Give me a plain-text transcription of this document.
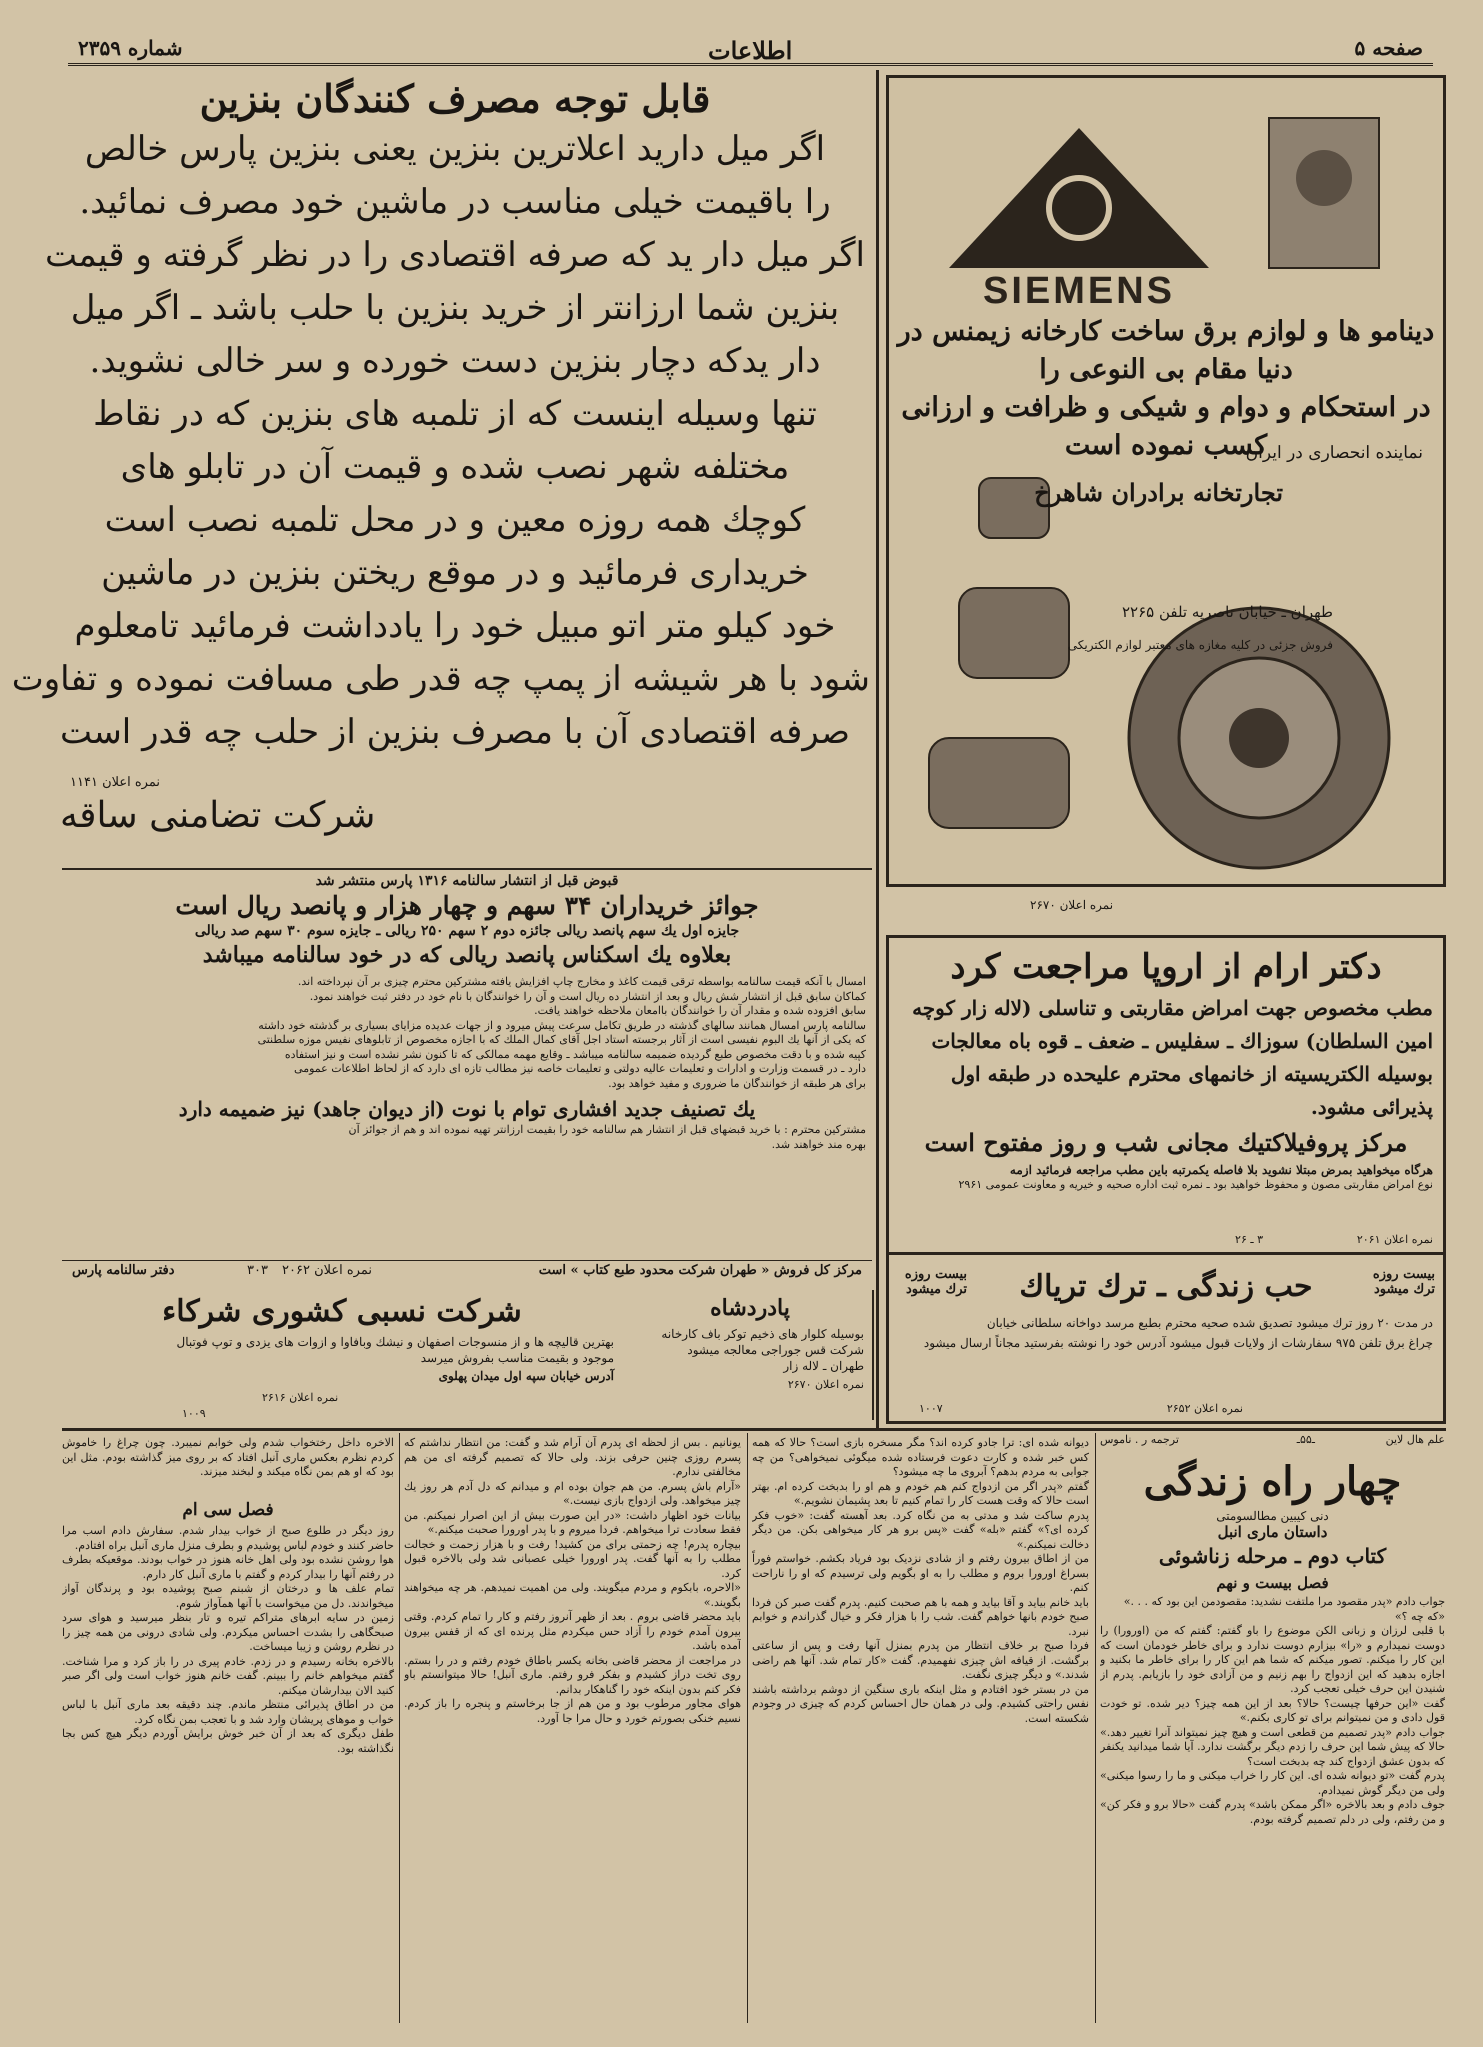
شماره ۲۳۵۹	اطلاعات	صفحه ۵
قابل توجه مصرف کنندگان بنزین
اگر میل دارید اعلاترین بنزین یعنی بنزین پارس خالص
را باقیمت خیلی مناسب در ماشین خود مصرف نمائید.
اگر میل دار ید که صرفه اقتصادی را در نظر گرفته و قیمت
بنزین شما ارزانتر از خرید بنزین با حلب باشد ـ اگر میل
دار یدکه دچار بنزین دست خورده و سر خالی نشوید.
تنها وسیله اینست که از تلمبه های بنزین که در نقاط
مختلفه شهر نصب شده و قیمت آن در تابلو های
کوچك همه روزه معین و در محل تلمبه نصب است
خریداری فرمائید و در موقع ریختن بنزین در ماشین
خود کیلو متر اتو مبیل خود را یادداشت فرمائید تامعلوم
شود با هر شیشه از پمپ چه قدر طی مسافت نموده و تفاوت
صرفه اقتصادی آن با مصرف بنزین از حلب چه قدر است
شرکت تضامنی ساقه
نمره اعلان ۱۱۴۱
SIEMENS
دینامو ها و لوازم برق ساخت کارخانه زیمنس در دنیا مقام بی النوعی را
در استحکام و دوام و شیکی و ظرافت و ارزانی کسب نموده است
نماینده انحصاری در ایران
تجارتخانه برادران شاهرخ
طهران ـ خیابان ناصریه تلفن ۲۲۶۵
فروش جزئی در کلیه مغازه های معتبر لوازم الکتریکی
نمره اعلان ۲۶۷۰
قبوض قبل از انتشار سالنامه ۱۳۱۶ پارس منتشر شد
جوائز خریداران ۳۴ سهم و چهار هزار و پانصد ریال است
جایزه اول یك سهم پانصد ریالی جائزه دوم ۲ سهم ۲۵۰ ریالی ـ جایزه سوم ۳۰ سهم صد ریالی
بعلاوه یك اسکناس پانصد ریالی که در خود سالنامه میباشد
امسال با آنکه قیمت سالنامه بواسطه ترقی قیمت کاغذ و مخارج چاپ افزایش یافته مشترکین محترم چیزی بر آن نپرداخته اند.
کماکان سابق قبل از انتشار شش ریال و بعد از انتشار ده ریال است و آن را خوانندگان با نام خود در دفتر ثبت خواهند نمود.
سابق افزوده شده و مقدار آن را خوانندگان باامعان ملاحظه خواهند یافت.
سالنامه پارس امسال همانند سالهای گذشته در طریق تکامل سرعت پیش میرود و از جهات عدیده مزایای بسیاری بر گذشته خود داشته
که یکی از آنها یك البوم نفیسی است از آثار برجسته استاد اجل آقای کمال الملك که با اجازه مخصوص از تابلوهای نفیس موزه سلطنتی
کپیه شده و با دقت مخصوص طبع گردیده ضمیمه سالنامه میباشد ـ وقایع مهمه ممالکی که تا کنون نشر نشده است و نیز استفاده
دارد ـ در قسمت وزارت و ادارات و تعلیمات عالیه دولتی و تعلیمات خاصه نیز مطالب تازه ای دارد که از لحاظ اطلاعات عمومی
برای هر طبقه از خوانندگان ما ضروری و مفید خواهد بود.
یك تصنیف جدید افشاری توام با نوت (از دیوان جاهد) نیز ضمیمه دارد
مشترکین محترم : با خرید قبضهای قبل از انتشار هم سالنامه خود را بقیمت ارزانتر تهیه نموده اند و هم از جوائز آن
بهره مند خواهند شد.
مرکز کل فروش « طهران شرکت محدود طبع کتاب » است
نمره اعلان ۲۰۶۲
۳۰۳
دفتر سالنامه پارس
دکتر ارام از اروپا مراجعت کرد
مطب مخصوص جهت امراض مقاربتی و تناسلی (لاله زار کوچه
امین السلطان) سوزاك ـ سفلیس ـ ضعف ـ قوه باه معالجات
بوسیله الکتریسیته از خانمهای محترم علیحده در طبقه اول پذیرائی مشود.
مرکز پروفیلاکتیك مجانی شب و روز مفتوح است
هرگاه میخواهید بمرض مبتلا نشوید بلا فاصله یکمرتبه باین مطب مراجعه فرمائید ازمه
نوع امراض مقاربتی مصون و محفوظ خواهید بود ـ نمره ثبت اداره صحیه و خیریه و معاونت عمومی ۲۹۶۱
نمره اعلان ۲۰۶۱
۳ ـ ۲۶
حب زندگی ـ ترك تریاك	بیست روزه ترك میشود
بیست روزه ترك میشود
در مدت ۲۰ روز ترك میشود تصدیق شده صحیه محترم بطبع مرسد دواخانه سلطانی خیابان
چراغ برق تلفن ۹۷۵ سفارشات از ولایات قبول میشود آدرس خود را نوشته بفرستید مجاناً ارسال میشود
نمره اعلان ۲۶۵۲
۱۰۰۷
پادردشاه
بوسیله کلوار های ذخیم توکر باف کارخانه
شرکت قس جوراجی معالجه میشود
طهران ـ لاله زار
نمره اعلان ۲۶۷۰
شرکت نسبی کشوری شرکاء
بهترین قالیچه ها و از منسوجات اصفهان و نیشك وبافاوا و ازوات های یزدی و توپ فوتبال
موجود و بقیمت مناسب بفروش میرسد
آدرس خیابان سپه اول میدان پهلوی
نمره اعلان ۲۶۱۶
۱۰۰۹
علم هال لاین
ـ۵۵ـ
ترجمه ر . ناموس
چهار راه زندگی
دنی کیبین مطالسومتی
داستان ماری انبل
کتاب دوم ـ مرحله زناشوئی
فصل بیست و نهم

جواب دادم «پدر مقصود مرا ملتفت نشدید: مقصودمن این بود که . . .»

«که چه ؟»

با قلبی لرزان و زبانی الکن موضوع را باو گفتم: گفتم که من (اورورا) را دوست نمیدارم و «را» بیزارم دوست ندارد و برای خاطر خودمان است که این کار را میکنم. تصور میکنم که شما هم این کار را برای خاطر ما بکنید و اجازه بدهید که این ازدواج را بهم زنیم و من آزادی خود را بازیابم. پدرم از شنیدن این حرف خیلی تعجب کرد.

گفت «این حرفها چیست؟ حالا؟ بعد از این همه چیز؟ دیر شده. تو خودت قول دادی و من نمیتوانم برای تو کاری بکنم.»

جواب دادم «پدر تصمیم من قطعی است و هیچ چیز نمیتواند آنرا تغییر دهد.» حالا که پیش شما این حرف را زدم دیگر برگشت ندارد. آیا شما میدانید یکنفر که بدون عشق ازدواج کند چه بدبخت است؟

پدرم گفت «تو دیوانه شده ای. این کار را خراب میکنی و ما را رسوا میکنی» ولی من دیگر گوش نمیدادم.

جوف دادم و بعد بالاخره «اگر ممکن باشد» پدرم گفت «حالا برو و فکر کن» و من رفتم، ولی در دلم تصمیم گرفته بودم.

دیوانه شده ای: ترا جادو کرده اند؟ مگر مسخره بازی است؟ حالا که همه کس خبر شده و کارت دعوت فرستاده شده میگوئی نمیخواهی؟ من چه جوابی به مردم بدهم؟ آبروی ما چه میشود؟

گفتم «پدر اگر من ازدواج کنم هم خودم و هم او را بدبخت کرده ام. بهتر است حالا که وقت هست کار را تمام کنیم تا بعد پشیمان نشویم.»

پدرم ساکت شد و مدتی به من نگاه کرد. بعد آهسته گفت: «خوب فکر کرده ای؟» گفتم «بله» گفت «پس برو هر کار میخواهی بکن. من دیگر دخالت نمیکنم.»

من از اطاق بیرون رفتم و از شادی نزدیک بود فریاد بکشم. خواستم فوراً بسراغ اورورا بروم و مطلب را به او بگویم ولی ترسیدم که او را ناراحت کنم.

باید خانم بیاید و آقا بیاید و همه با هم صحبت کنیم. پدرم گفت صبر کن فردا صبح خودم بانها خواهم گفت. شب را با هزار فکر و خیال گذراندم و خوابم نبرد.

فردا صبح بر خلاف انتظار من پدرم بمنزل آنها رفت و پس از ساعتی برگشت. از قیافه اش چیزی نفهمیدم. گفت «کار تمام شد. آنها هم راضی شدند.» و دیگر چیزی نگفت.

من در بستر خود افتادم و مثل اینکه باری سنگین از دوشم برداشته باشند نفس راحتی کشیدم. ولی در همان حال احساس کردم که چیزی در وجودم شکسته است.

یونانیم . بس از لحظه ای پدرم آن آرام شد و گفت: من انتظار نداشتم که پسرم روزی چنین حرفی بزند. ولی حالا که تصمیم گرفته ای من هم مخالفتی ندارم.

«آرام باش پسرم. من هم جوان بوده ام و میدانم که دل آدم هر روز یك چیز میخواهد. ولی ازدواج بازی نیست.»

بیانات خود اظهار داشت: «در این صورت بیش از این اصرار نمیکنم. من فقط سعادت ترا میخواهم. فردا میروم و با پدر اورورا صحبت میکنم.»

بیچاره پدرم! چه زحمتی برای من کشید! رفت و با هزار زحمت و خجالت مطلب را به آنها گفت. پدر اورورا خیلی عصبانی شد ولی بالاخره قبول کرد.

«الاحره، بابکوم و مردم میگویند. ولی من اهمیت نمیدهم. هر چه میخواهند بگویند.»

باید محضر قاضی بروم . بعد از ظهر آنروز رفتم و کار را تمام کردم. وقتی بیرون آمدم خودم را آزاد حس میکردم مثل پرنده ای که از قفس بیرون آمده باشد.

در مراجعت از محضر قاضی بخانه یکسر باطاق خودم رفتم و در را بستم. روی تخت دراز کشیدم و بفکر فرو رفتم. ماری آنبل! حالا میتوانستم باو فکر کنم بدون اینکه خود را گناهکار بدانم.

هوای مجاور مرطوب بود و من هم از جا برخاستم و پنجره را باز کردم. نسیم خنکی بصورتم خورد و حال مرا جا آورد.

الاخره داخل رختخواب شدم ولی خوابم نمیبرد. چون چراغ را خاموش کردم نظرم بعکس ماری آنبل افتاد که بر روی میز گذاشته بودم. مثل این بود که او هم بمن نگاه میکند و لبخند میزند.

فصل سی ام

روز دیگر در طلوع صبح از خواب بیدار شدم. سفارش دادم اسب مرا حاضر کنند و خودم لباس پوشیدم و بطرف منزل ماری آنبل براه افتادم.

هوا روشن نشده بود ولی اهل خانه هنوز در خواب بودند. موقعیکه بطرف در رفتم آنها را بیدار کردم و گفتم با ماری آنبل کار دارم.

تمام علف ها و درختان از شبنم صبح پوشیده بود و پرندگان آواز میخواندند. دل من میخواست با آنها همآواز شوم.

زمین در سایه ابرهای متراکم تیره و تار بنظر میرسید و هوای سرد صبحگاهی را بشدت احساس میکردم. ولی شادی درونی من همه چیز را در نظرم روشن و زیبا میساخت.

بالاخره بخانه رسیدم و در زدم. خادم پیری در را باز کرد و مرا شناخت. گفتم میخواهم خانم را ببینم. گفت خانم هنوز خواب است ولی اگر صبر کنید الان بیدارشان میکنم.

من در اطاق پذیرائی منتظر ماندم. چند دقیقه بعد ماری آنبل با لباس خواب و موهای پریشان وارد شد و با تعجب بمن نگاه کرد.

طفل دیگری که بعد از آن خبر خوش برایش آوردم دیگر هیچ کس بجا نگذاشته بود.
